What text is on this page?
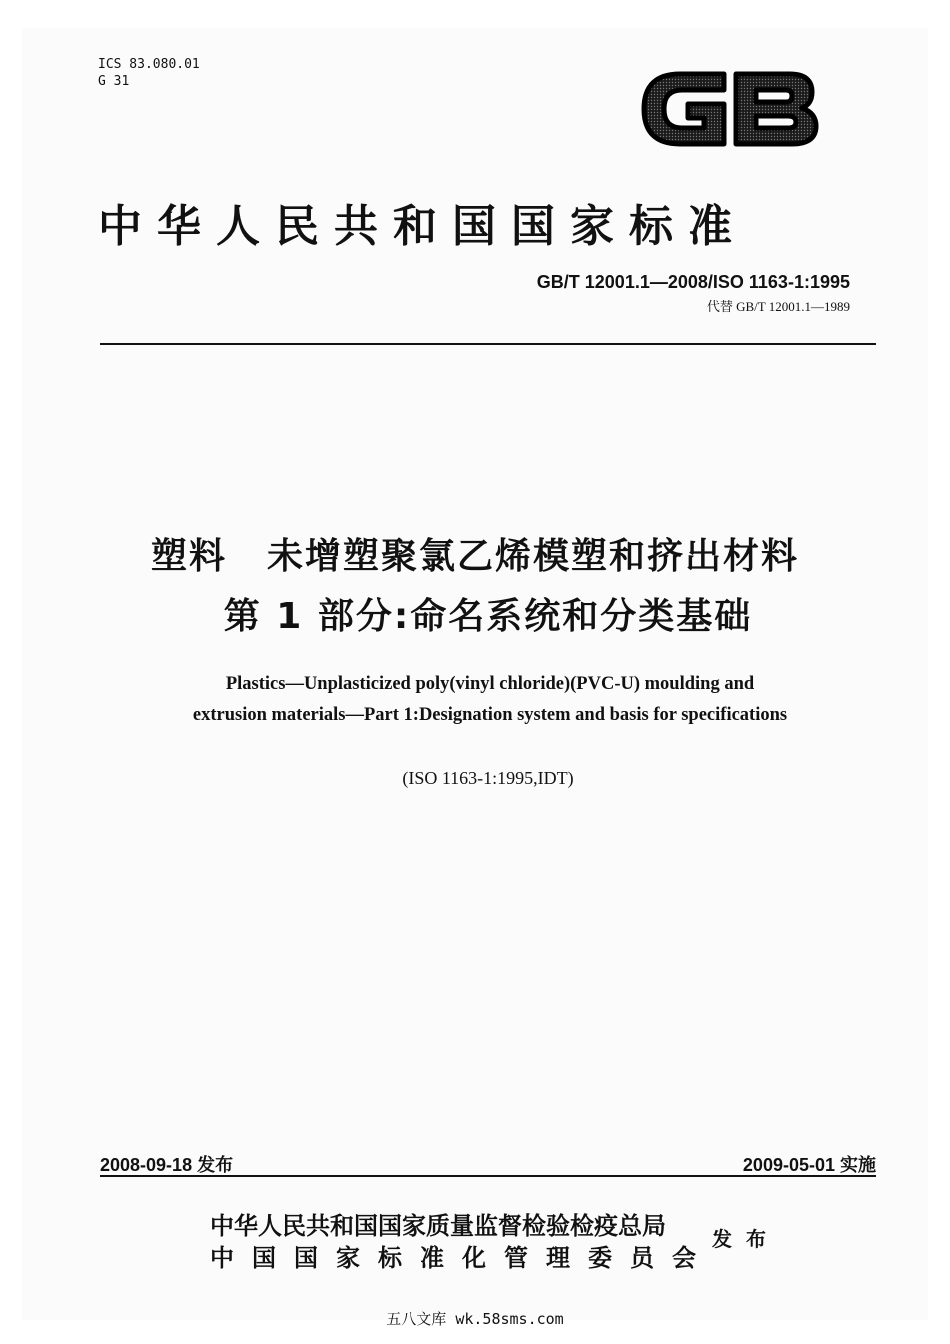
ICS 83.080.01
G 31
中华人民共和国国家标准
GB/T 12001.1—2008/ISO 1163-1:1995
代替 GB/T 12001.1—1989
塑料 未增塑聚氯乙烯模塑和挤出材料
第 1 部分:命名系统和分类基础
Plastics—Unplasticized poly(vinyl chloride)(PVC-U) moulding and
extrusion materials—Part 1:Designation system and basis for specifications
(ISO 1163-1:1995,IDT)
2008-09-18 发布	2009-05-01 实施
中华人民共和国国家质量监督检验检疫总局
中国国家标准化管理委员会
发布
五八文库 wk.58sms.com
